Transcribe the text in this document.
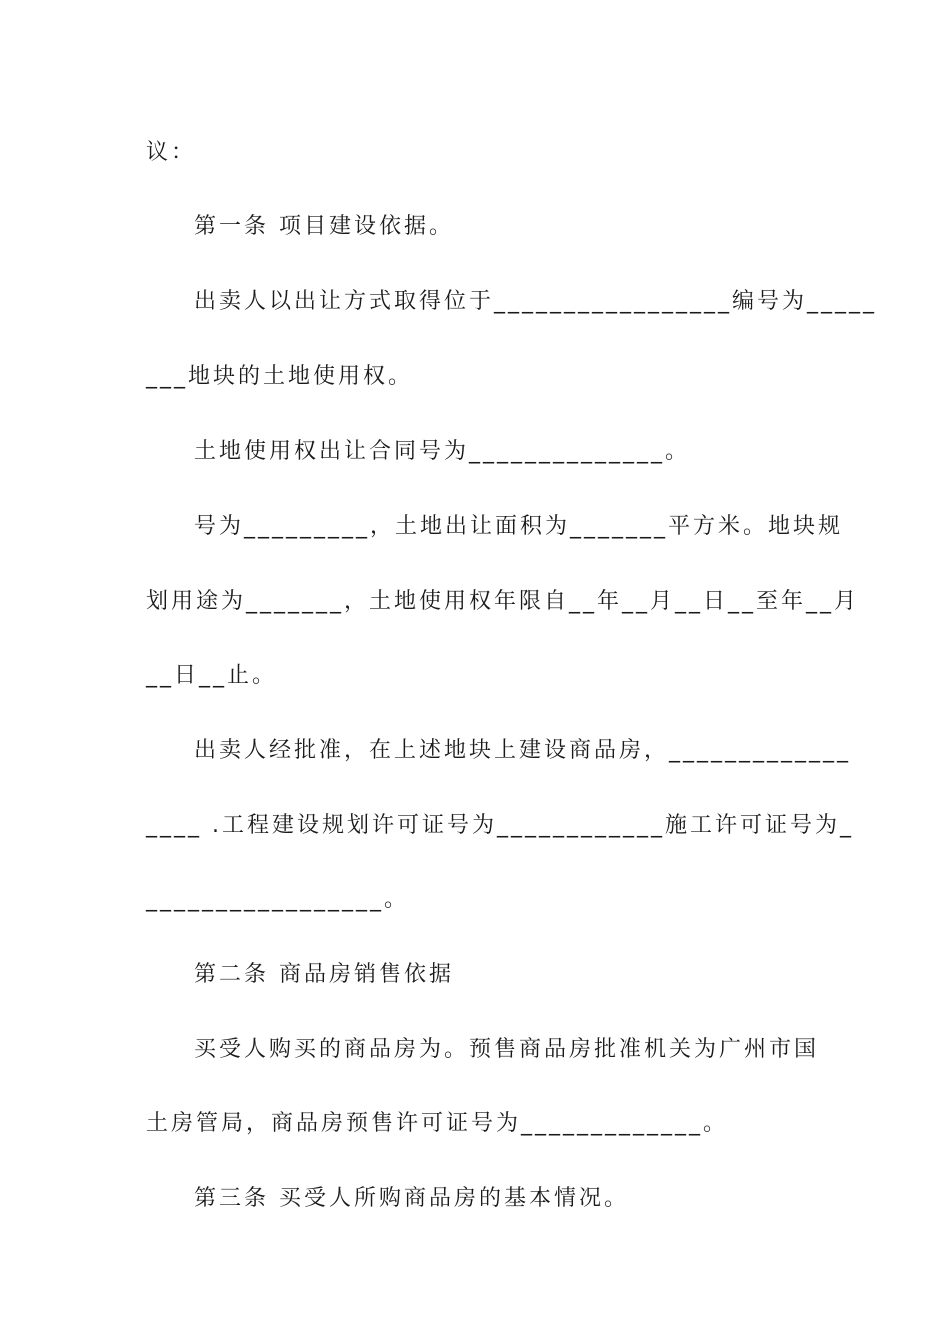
议：
第一条 项目建设依据。
出卖人以出让方式取得位于_________________编号为_____
___地块的土地使用权。
土地使用权出让合同号为______________。
号为_________，土地出让面积为_______平方米。地块规
划用途为_______，土地使用权年限自__年__月__日__至年__月
__日__止。
出卖人经批准，在上述地块上建设商品房，_____________
____ .工程建设规划许可证号为____________施工许可证号为_
_________________。
第二条 商品房销售依据
买受人购买的商品房为。预售商品房批准机关为广州市国
土房管局，商品房预售许可证号为_____________。
第三条 买受人所购商品房的基本情况。
